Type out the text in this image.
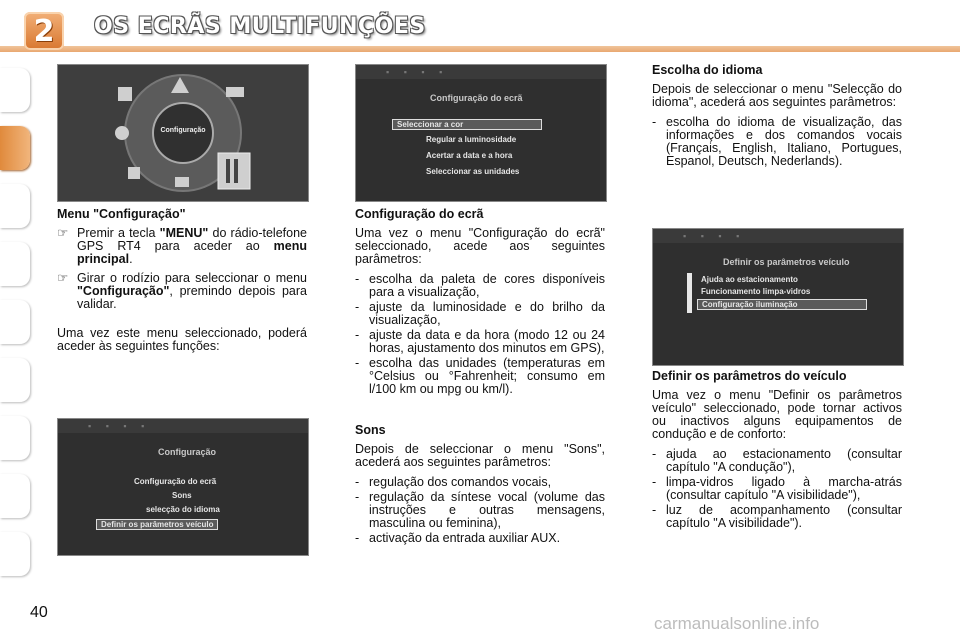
2 OS ECRÃS MULTIFUNÇÕES
Configuração
▪ ▪ ▪ ▪
Configuração
Configuração do ecrã
Sons
selecção do idioma
Definir os parâmetros veículo
▪ ▪ ▪ ▪
Configuração do ecrã
Seleccionar a cor
Regular a luminosidade
Acertar a data e a hora
Seleccionar as unidades
▪ ▪ ▪ ▪
Definir os parâmetros veículo
Ajuda ao estacionamento
Funcionamento limpa-vidros
Configuração iluminação
Menu "Configuração"
☞ Premir a tecla "MENU" do rádio-telefone GPS RT4 para aceder ao menu principal.
☞ Girar o rodízio para seleccionar o menu "Configuração", premindo depois para validar.

Uma vez este menu seleccionado, poderá aceder às seguintes funções:

Configuração do ecrã

Uma vez o menu "Configuração do ecrã" seleccionado, acede aos seguintes parâmetros:

- escolha da paleta de cores disponíveis para a visualização,
- ajuste da luminosidade e do brilho da visualização,
- ajuste da data e da hora (modo 12 ou 24 horas, ajustamento dos minutos em GPS),
- escolha das unidades (temperaturas em °Celsius ou °Fahrenheit; consumo em l/100 km ou mpg ou km/l).
Sons

Depois de seleccionar o menu "Sons", acederá aos seguintes parâmetros:

- regulação dos comandos vocais,
- regulação da síntese vocal (volume das instruções e outras mensagens, masculina ou feminina),
- activação da entrada auxiliar AUX.
Escolha do idioma

Depois de seleccionar o menu "Selecção do idioma", acederá aos seguintes parâmetros:

- escolha do idioma de visualização, das informações e dos comandos vocais (Français, English, Italiano, Portugues, Espanol, Deutsch, Nederlands).
Definir os parâmetros do veículo

Uma vez o menu "Definir os parâmetros veículo" seleccionado, pode tornar activos ou inactivos alguns equipamentos de condução e de conforto:

- ajuda ao estacionamento (consultar capítulo "A condução"),
- limpa-vidros ligado à marcha-atrás (consultar capítulo "A visibilidade"),
- luz de acompanhamento (consultar capítulo "A visibilidade").
40
carmanualsonline.info
